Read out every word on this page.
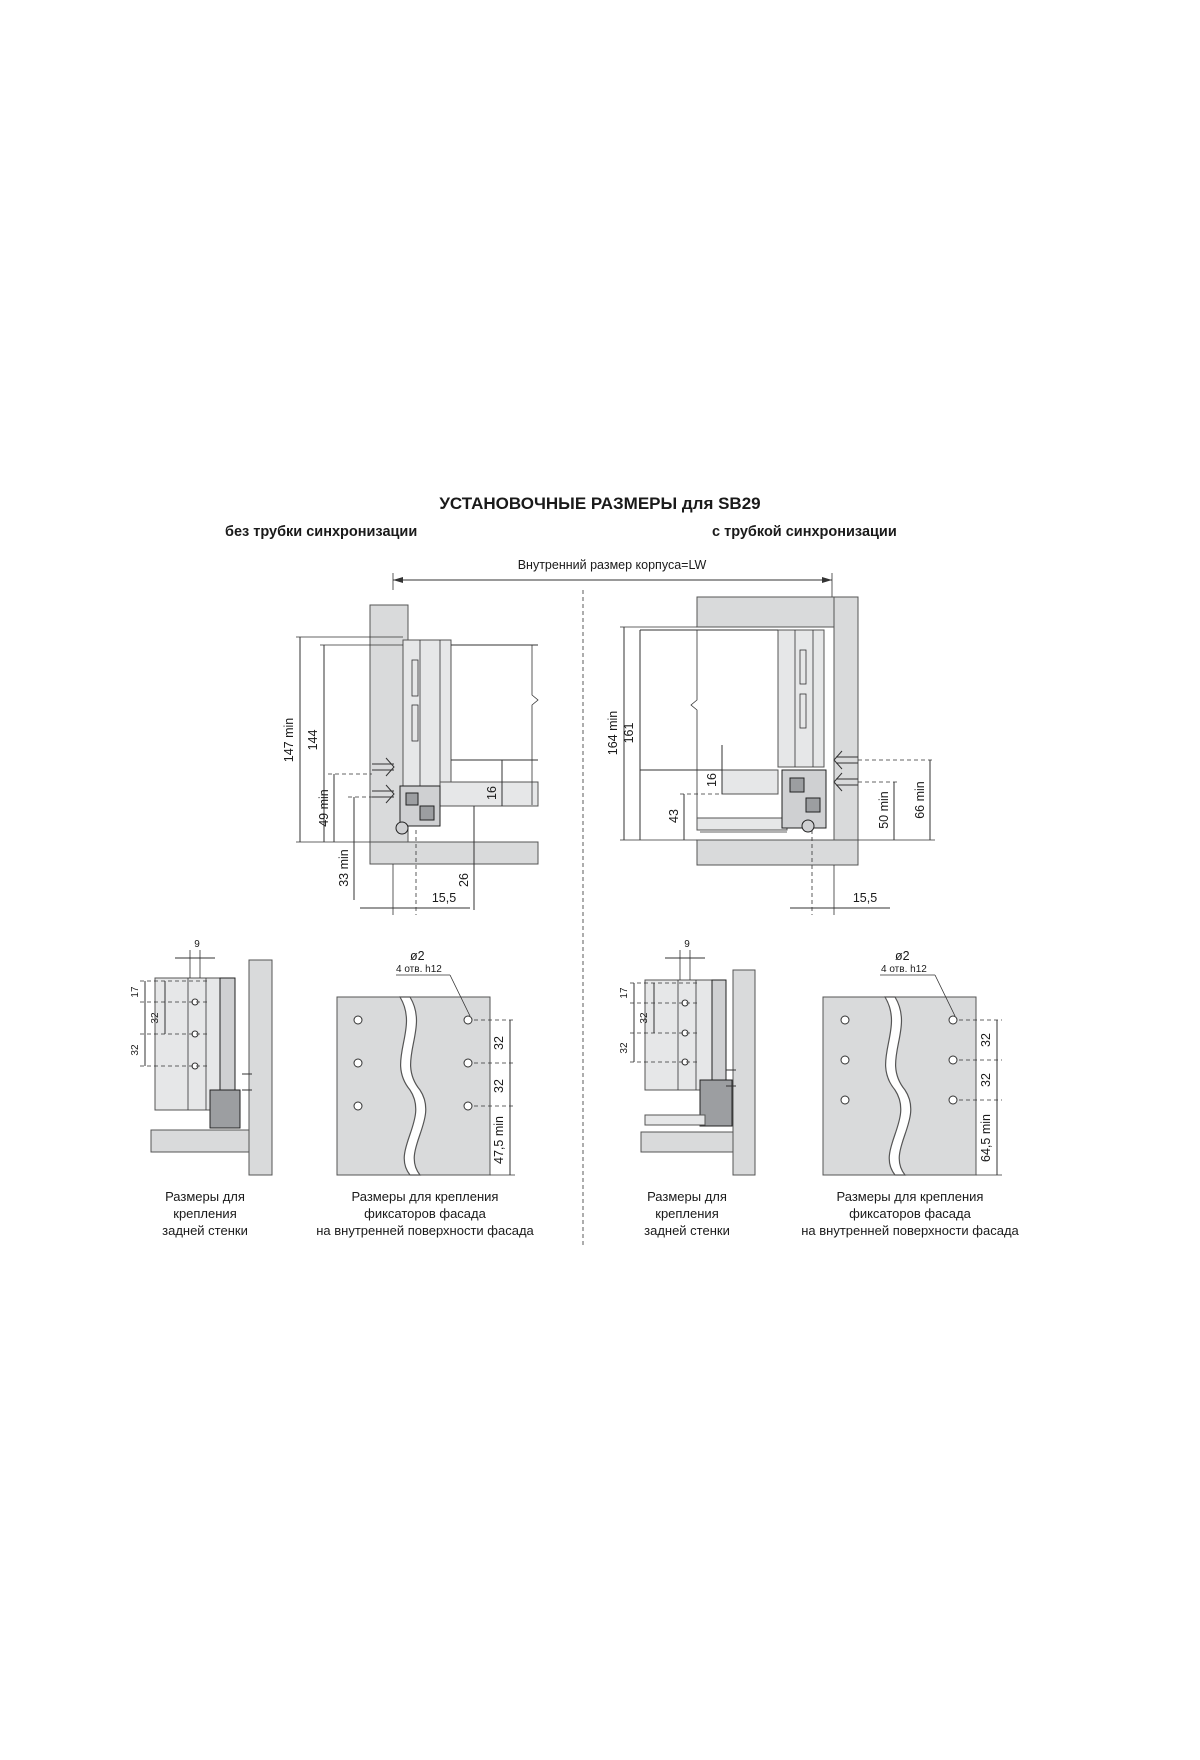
УСТАНОВОЧНЫЕ РАЗМЕРЫ для SB29
без трубки синхронизации	с трубкой синхронизации
Внутренний размер корпуса=LW
147 min 144
49 min
33 min
16
26
15,5
164 min 161
16
43	50 min 66 min
15,5
17
32
32
9
32
32
47,5 min
ø2
4 отв. h12
17
32
32
9
32
32
64,5 min
ø2
4 отв. h12
Размеры для
крепления
задней стенки
Размеры для крепления
фиксаторов фасада
на внутренней поверхности фасада
Размеры для
крепления
задней стенки
Размеры для крепления
фиксаторов фасада
на внутренней поверхности фасада
